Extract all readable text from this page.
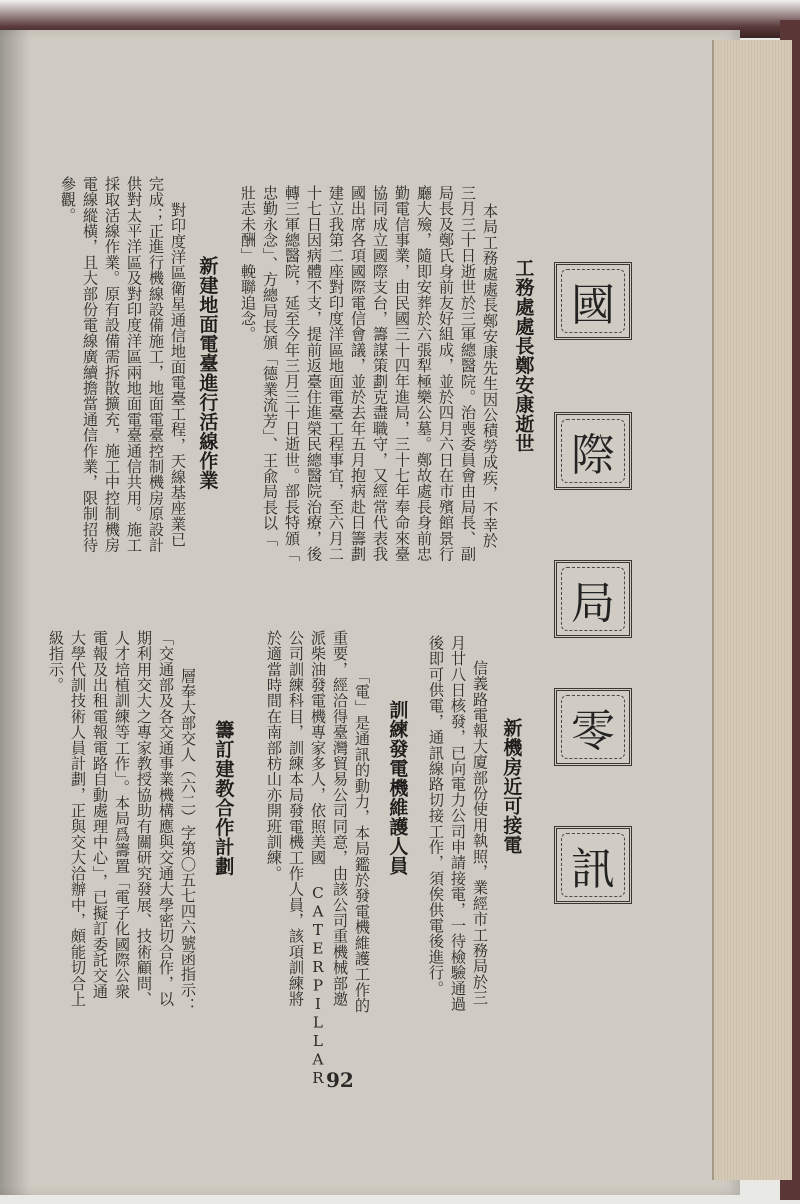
國
際
局
零
訊
工務處處長鄭安康逝世
本局工務處處長鄭安康先生因公積勞成疾，不幸於
三月三十日逝世於三軍總醫院。治喪委員會由局長、副
局長及鄭氏身前友好組成，並於四月六日在市殯館景行
廳大殮，隨即安葬於六張犁極樂公墓。鄭故處長身前忠
勤電信事業，由民國三十四年進局，三十七年奉命來臺
協同成立國際支台，籌謀策劃克盡職守，又經常代表我
國出席各項國際電信會議，並於去年五月抱病赴日籌劃
建立我第二座對印度洋區地面電臺工程事宜，至六月二
十七日因病體不支，提前返臺住進榮民總醫院治療，後
轉三軍總醫院，延至今年三月三十日逝世。部長特頒「
忠勤永念」、方總局長頒「德業流芳」、王兪局長以「
壯志未酬」輓聯追念。
新建地面電臺進行活線作業
對印度洋區衛星通信地面電臺工程，天線基座業已
完成；正進行機線設備施工，地面電臺控制機房原設計
供對太平洋區及對印度洋區兩地面電臺通信共用。施工
採取活線作業。原有設備需拆散擴充，施工中控制機房
電線縱橫，且大部份電線廣續擔當通信作業，限制招待
參觀。
新機房近可接電
信義路電報大廈部份使用執照，業經市工務局於三
月廿八日核發，已向電力公司申請接電，一待檢驗通過
後即可供電，通訊線路切接工作，須俟供電後進行。
訓練發電機維護人員
「電」是通訊的動力，本局鑑於發電機維護工作的
重要，經洽得臺灣貿易公司同意，由該公司重機械部邀
派柴油發電機專家多人，依照美國 CATERPILLAR
公司訓練科目，訓練本局發電機工作人員，該項訓練將
於適當時間在南部枋山亦開班訓練。
籌訂建教合作計劃
層奉大部交人（六二）字第〇五七四六號函指示：
「交通部及各交通事業機構應與交通大學密切合作，以
期利用交大之專家教授協助有關研究發展、技術顧問、
人才培植訓練等工作」。本局爲籌置「電子化國際公衆
電報及出租電報電路自動處理中心」，已擬訂委託交通
大學代訓技術人員計劃，正與交大洽辦中，頗能切合上
級指示。
92
